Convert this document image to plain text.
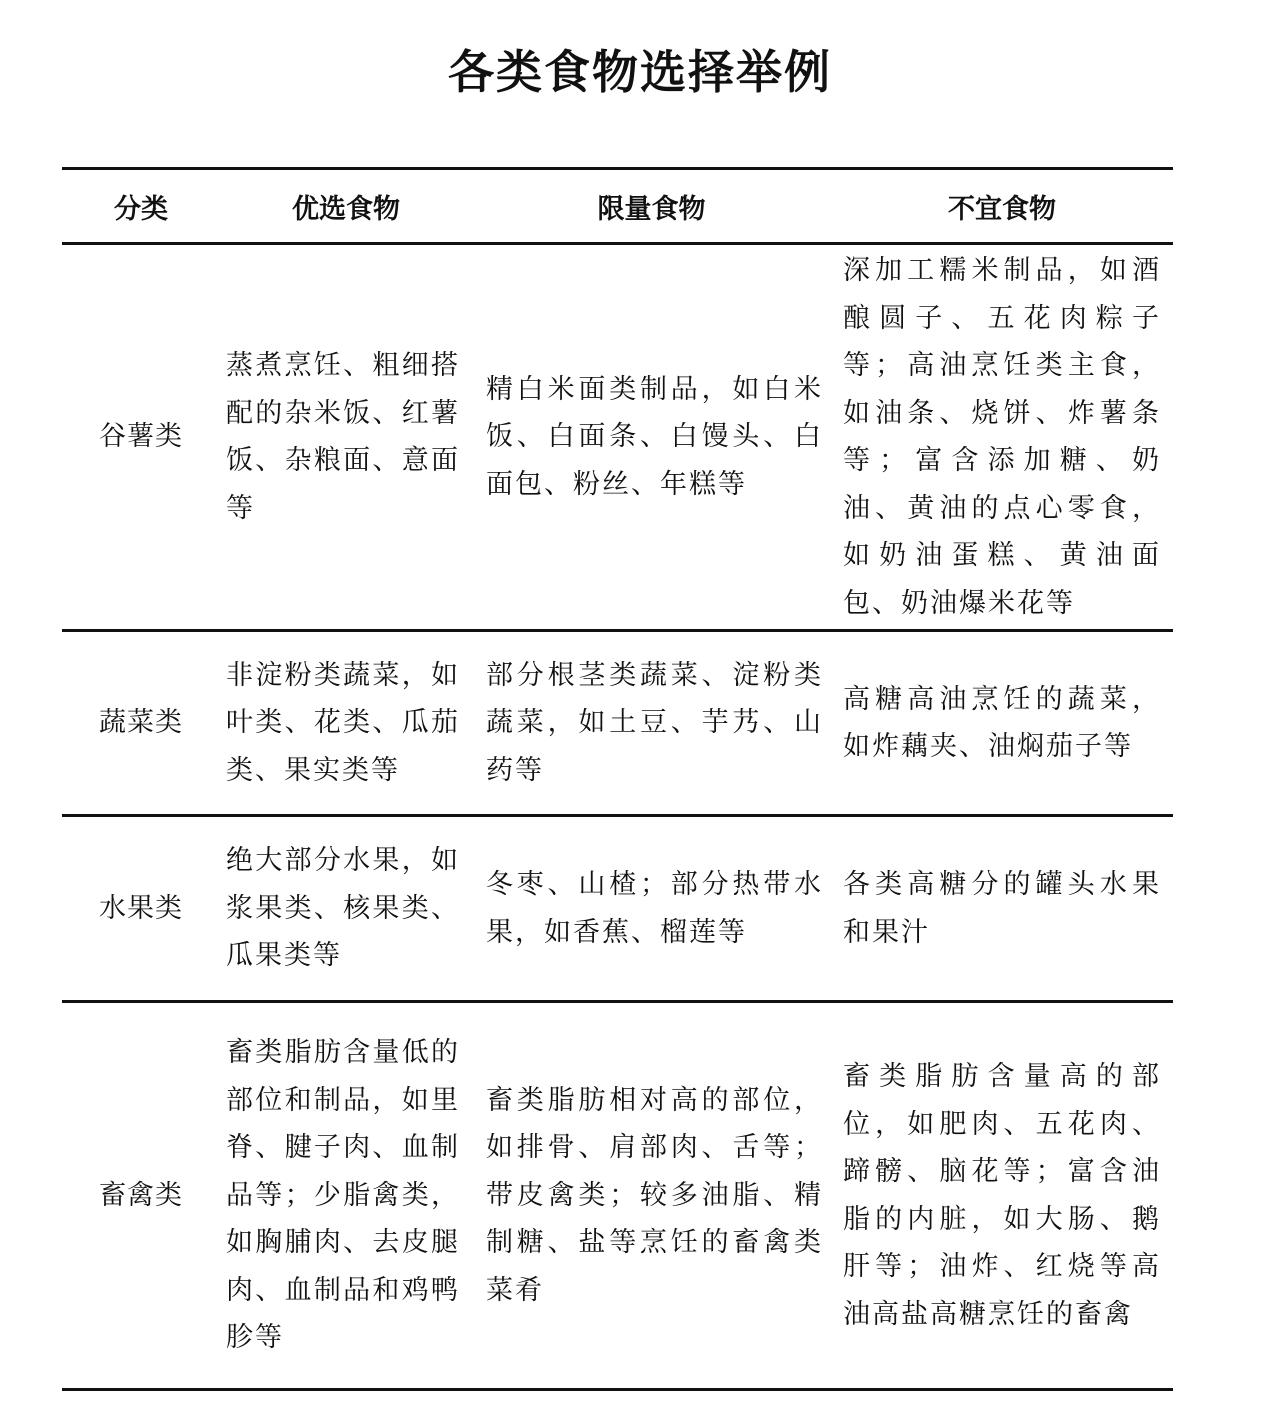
各类食物选择举例
分类	优选食物	限量食物	不宜食物
谷薯类	蒸煮烹饪、粗细搭配的杂米饭、红薯饭、杂粮面、意面等	精白米面类制品，如白米饭、白面条、白馒头、白面包、粉丝、年糕等	深加工糯米制品，如酒酿圆子、五花肉粽子等；高油烹饪类主食，如油条、烧饼、炸薯条等；富含添加糖、奶油、黄油的点心零食，如奶油蛋糕、黄油面包、奶油爆米花等
蔬菜类	非淀粉类蔬菜，如叶类、花类、瓜茄类、果实类等	部分根茎类蔬菜、淀粉类蔬菜，如土豆、芋艿、山药等	高糖高油烹饪的蔬菜，如炸藕夹、油焖茄子等
水果类	绝大部分水果，如浆果类、核果类、瓜果类等	冬枣、山楂；部分热带水果，如香蕉、榴莲等	各类高糖分的罐头水果和果汁
畜禽类	畜类脂肪含量低的部位和制品，如里脊、腱子肉、血制品等；少脂禽类，如胸脯肉、去皮腿肉、血制品和鸡鸭胗等	畜类脂肪相对高的部位，如排骨、肩部肉、舌等；带皮禽类；较多油脂、精制糖、盐等烹饪的畜禽类菜肴	畜类脂肪含量高的部位，如肥肉、五花肉、蹄髈、脑花等；富含油脂的内脏，如大肠、鹅肝等；油炸、红烧等高油高盐高糖烹饪的畜禽
